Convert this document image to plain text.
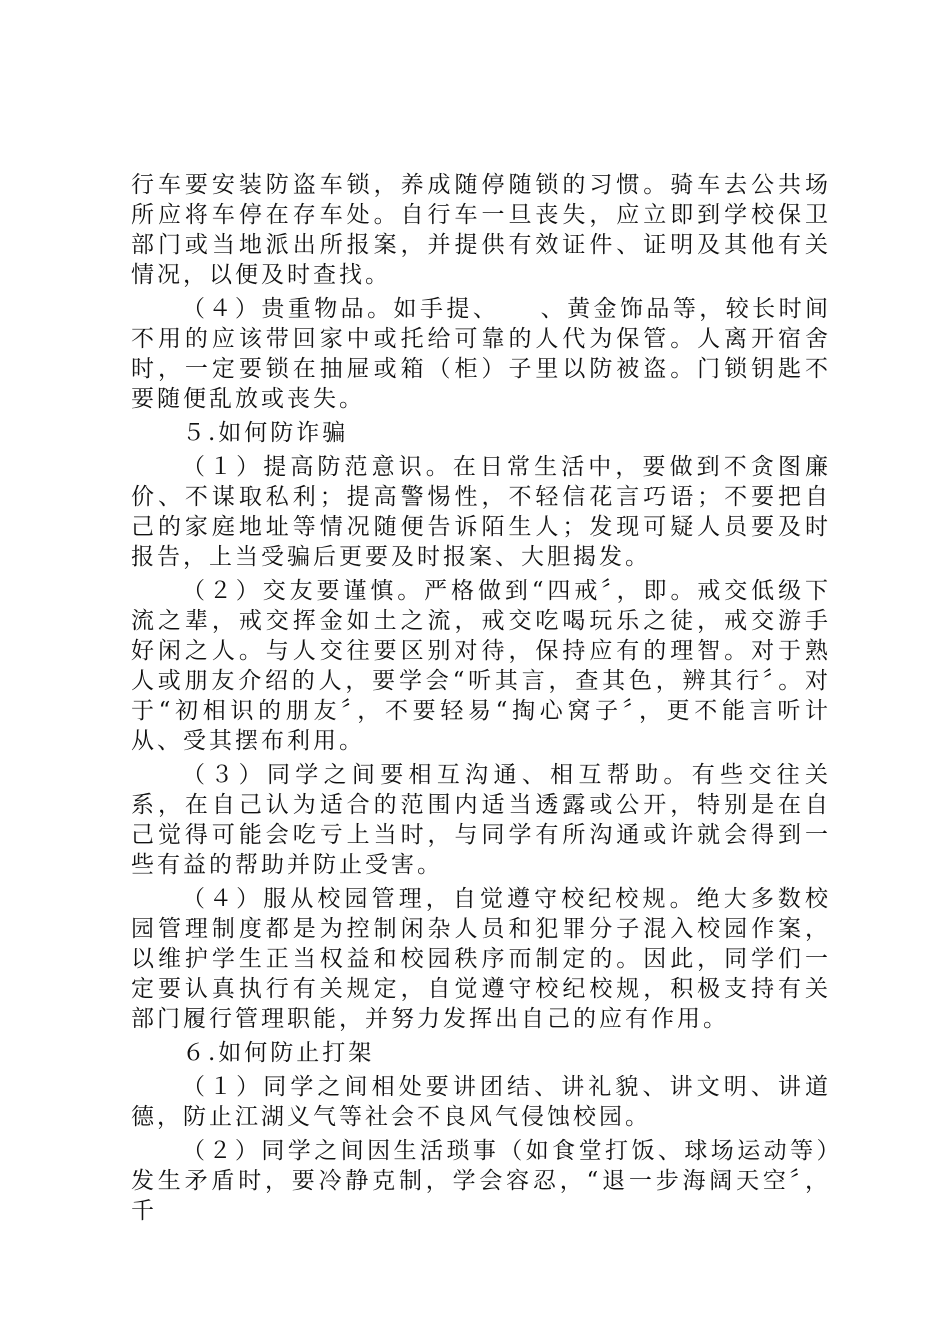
行车要安装防盗车锁，养成随停随锁的习惯。骑车去公共场所应将车停在存车处。自行车一旦丧失，应立即到学校保卫部门或当地派出所报案，并提供有效证件、证明及其他有关情况，以便及时查找。

（４）贵重物品。如手提、　　、黄金饰品等，较长时间不用的应该带回家中或托给可靠的人代为保管。人离开宿舍时，一定要锁在抽屉或箱（柜）子里以防被盗。门锁钥匙不要随便乱放或丧失。

５.如何防诈骗

（１）提高防范意识。在日常生活中，要做到不贪图廉价、不谋取私利；提高警惕性，不轻信花言巧语；不要把自己的家庭地址等情况随便告诉陌生人；发现可疑人员要及时报告，上当受骗后更要及时报案、大胆揭发。

（２）交友要谨慎。严格做到“四戒〞，即。戒交低级下流之辈，戒交挥金如土之流，戒交吃喝玩乐之徒，戒交游手好闲之人。与人交往要区别对待，保持应有的理智。对于熟人或朋友介绍的人，要学会“听其言，查其色，辨其行〞。对于“初相识的朋友〞，不要轻易“掏心窝子〞，更不能言听计从、受其摆布利用。

（３）同学之间要相互沟通、相互帮助。有些交往关系，在自己认为适合的范围内适当透露或公开，特别是在自己觉得可能会吃亏上当时，与同学有所沟通或许就会得到一些有益的帮助并防止受害。

（４）服从校园管理，自觉遵守校纪校规。绝大多数校园管理制度都是为控制闲杂人员和犯罪分子混入校园作案，以维护学生正当权益和校园秩序而制定的。因此，同学们一定要认真执行有关规定，自觉遵守校纪校规，积极支持有关部门履行管理职能，并努力发挥出自己的应有作用。

６.如何防止打架

（１）同学之间相处要讲团结、讲礼貌、讲文明、讲道德，防止江湖义气等社会不良风气侵蚀校园。

（２）同学之间因生活琐事（如食堂打饭、球场运动等）发生矛盾时，要冷静克制，学会容忍，“退一步海阔天空〞，千
